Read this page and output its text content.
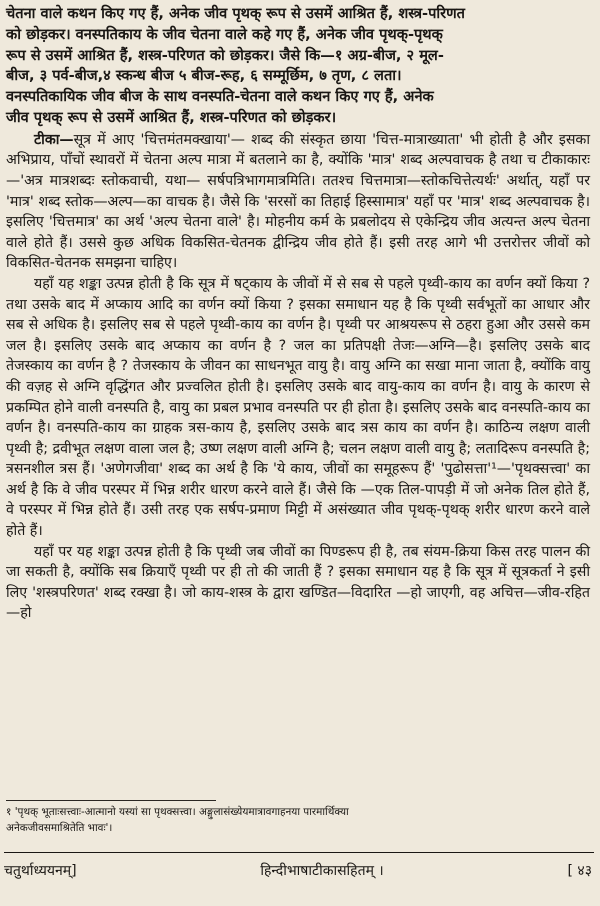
चेतना वाले कथन किए गए हैं, अनेक जीव पृथक् रूप से उसमें आश्रित हैं, शस्त्र-परिणत

को छोड़कर। वनस्पतिकाय के जीव चेतना वाले कहे गए हैं, अनेक जीव पृथक्-पृथक्

रूप से उसमें आश्रित हैं, शस्त्र-परिणत को छोड़कर। जैसे कि—१ अग्र-बीज, २ मूल-

बीज, ३ पर्व-बीज,४ स्कन्ध बीज ५ बीज-रूह, ६ सम्मूर्छिम, ७ तृण, ८ लता।

वनस्पतिकायिक जीव बीज के साथ वनस्पति-चेतना वाले कथन किए गए हैं, अनेक

जीव पृथक् रूप से उसमें आश्रित हैं, शस्त्र-परिणत को छोड़कर।

टीका—सूत्र में आए 'चित्तमंतमक्खाया'— शब्द की संस्कृत छाया 'चित्त-मात्राख्याता' भी होती है और इसका अभिप्राय, पाँचों स्थावरों में चेतना अल्प मात्रा में बतलाने का है, क्योंकि 'मात्र' शब्द अल्पवाचक है तथा च टीकाकारः—'अत्र मात्रशब्दः स्तोकवाची, यथा— सर्षपत्रिभागमात्रमिति। ततश्च चित्तमात्रा—स्तोकचित्तेत्यर्थः' अर्थात्, यहाँ पर 'मात्र' शब्द स्तोक—अल्प—का वाचक है। जैसे कि 'सरसों का तिहाई हिस्सामात्र' यहाँ पर 'मात्र' शब्द अल्पवाचक है। इसलिए 'चित्तमात्र' का अर्थ 'अल्प चेतना वाले' है। मोहनीय कर्म के प्रबलोदय से एकेन्द्रिय जीव अत्यन्त अल्प चेतना वाले होते हैं। उससे कुछ अधिक विकसित-चेतनक द्वीन्द्रिय जीव होते हैं। इसी तरह आगे भी उत्तरोत्तर जीवों को विकसित-चेतनक समझना चाहिए।

यहाँ यह शङ्का उत्पन्न होती है कि सूत्र में षट्काय के जीवों में से सब से पहले पृथ्वी-काय का वर्णन क्यों किया ? तथा उसके बाद में अप्काय आदि का वर्णन क्यों किया ? इसका समाधान यह है कि पृथ्वी सर्वभूतों का आधार और सब से अधिक है। इसलिए सब से पहले पृथ्वी-काय का वर्णन है। पृथ्वी पर आश्रयरूप से ठहरा हुआ और उससे कम जल है। इसलिए उसके बाद अप्काय का वर्णन है ? जल का प्रतिपक्षी तेजः—अग्नि—है। इसलिए उसके बाद तेजस्काय का वर्णन है ? तेजस्काय के जीवन का साधनभूत वायु है। वायु अग्नि का सखा माना जाता है, क्योंकि वायु की वज़ह से अग्नि वृद्धिंगत और प्रज्वलित होती है। इसलिए उसके बाद वायु-काय का वर्णन है। वायु के कारण से प्रकम्पित होने वाली वनस्पति है, वायु का प्रबल प्रभाव वनस्पति पर ही होता है। इसलिए उसके बाद वनस्पति-काय का वर्णन है। वनस्पति-काय का ग्राहक त्रस-काय है, इसलिए उसके बाद त्रस काय का वर्णन है। काठिन्य लक्षण वाली पृथ्वी है; द्रवीभूत लक्षण वाला जल है; उष्ण लक्षण वाली अग्नि है; चलन लक्षण वाली वायु है; लतादिरूप वनस्पति है; त्रसनशील त्रस हैं। 'अणेगजीवा' शब्द का अर्थ है कि 'ये काय, जीवों का समूहरूप हैं' 'पुढोसत्ता'¹—'पृथक्सत्त्वा' का अर्थ है कि वे जीव परस्पर में भिन्न शरीर धारण करने वाले हैं। जैसे कि —एक तिल-पापड़ी में जो अनेक तिल होते हैं, वे परस्पर में भिन्न होते हैं। उसी तरह एक सर्षप-प्रमाण मिट्टी में असंख्यात जीव पृथक्-पृथक् शरीर धारण करने वाले होते हैं।

यहाँ पर यह शङ्का उत्पन्न होती है कि पृथ्वी जब जीवों का पिण्डरूप ही है, तब संयम-क्रिया किस तरह पालन की जा सकती है, क्योंकि सब क्रियाएँ पृथ्वी पर ही तो की जाती हैं ? इसका समाधान यह है कि सूत्र में सूत्रकर्ता ने इसी लिए 'शस्त्रपरिणत' शब्द रक्खा है। जो काय-शस्त्र के द्वारा खण्डित—विदारित —हो जाएगी, वह अचित्त—जीव-रहित—हो

१ 'पृथक् भूताःसत्त्वाः-आत्मानो यस्यां सा पृथक्सत्त्वा। अङ्गुलासंख्येयमात्रावगाहनया पारमार्थिक्या
अनेकजीवसमाश्रितेति भावः'।
चतुर्थाध्ययनम्]	हिन्दीभाषाटीकासहितम् ।	[ ४३
